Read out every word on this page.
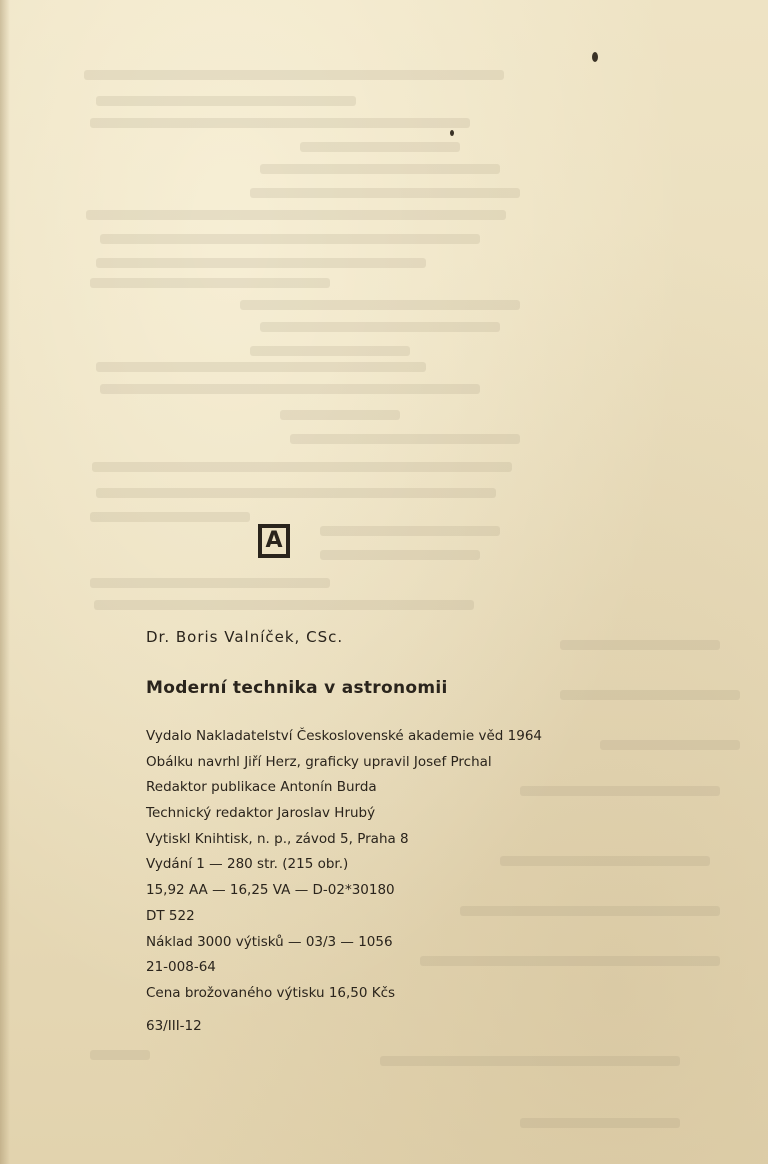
A
Dr. Boris Valníček, CSc.
Moderní technika v astronomii
Vydalo Nakladatelství Československé akademie věd 1964
Obálku navrhl Jiří Herz, graficky upravil Josef Prchal
Redaktor publikace Antonín Burda
Technický redaktor Jaroslav Hrubý
Vytiskl Knihtisk, n. p., závod 5, Praha 8
Vydání 1 — 280 str. (215 obr.)
15,92 AA — 16,25 VA — D-02*30180
DT 522
Náklad 3000 výtisků — 03/3 — 1056
21-008-64
Cena brožovaného výtisku 16,50 Kčs
63/III-12
